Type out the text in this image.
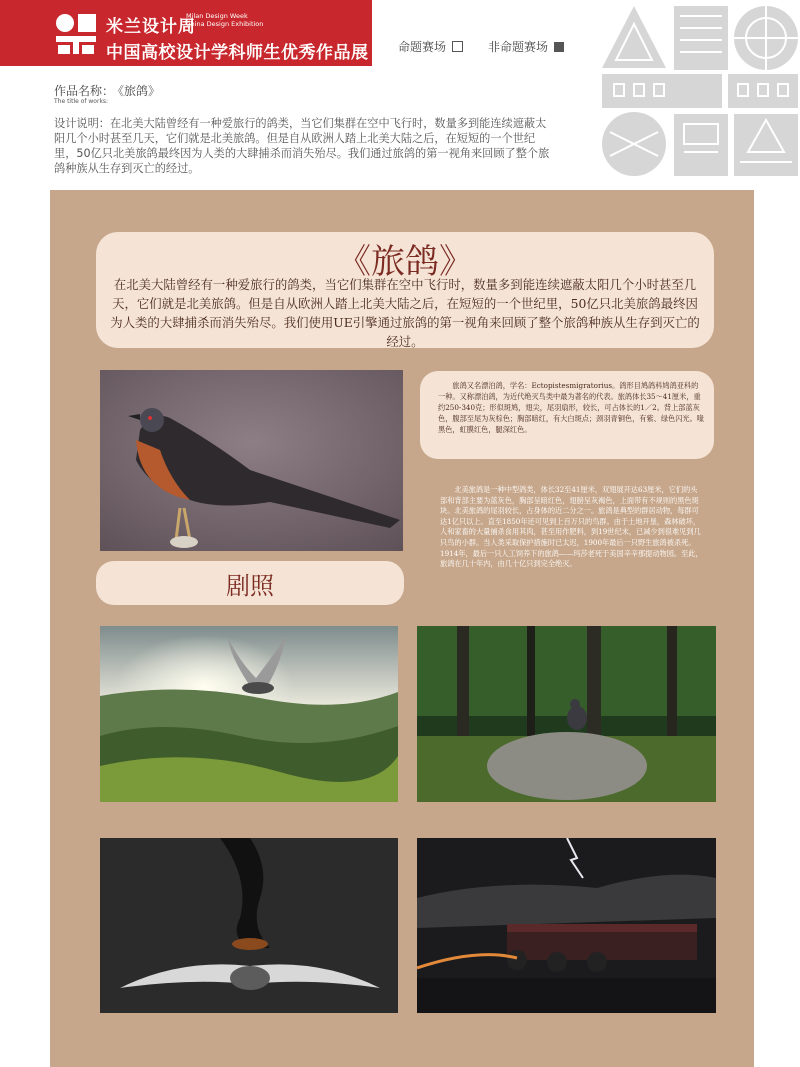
米兰设计周
Milan Design Week
China Design Exhibition
中国高校设计学科师生优秀作品展 命题赛场	非命题赛场
作品名称： 《旅鸽》
The title of works:
设计说明：在北美大陆曾经有一种爱旅行的鸽类，当它们集群在空中飞行时，数量多到能连续遮蔽太阳几个小时甚至几天，它们就是北美旅鸽。但是自从欧洲人踏上北美大陆之后，在短短的一个世纪里，50亿只北美旅鸽最终因为人类的大肆捕杀而消失殆尽。我们通过旅鸽的第一视角来回顾了整个旅鸽种族从生存到灭亡的经过。
《旅鸽》
在北美大陆曾经有一种爱旅行的鸽类，当它们集群在空中飞行时，数量多到能连续遮蔽太阳几个小时甚至几天，它们就是北美旅鸽。但是自从欧洲人踏上北美大陆之后，在短短的一个世纪里，50亿只北美旅鸽最终因为人类的大肆捕杀而消失殆尽。我们使用UE引擎通过旅鸽的第一视角来回顾了整个旅鸽种族从生存到灭亡的经过。
旅鸽又名漂泊鸽，学名：Ectopistesmigratorius。鸽形目鸠鸽科鸠鸽亚科的一种。又称漂泊鸽，为近代绝灭鸟类中最为著名的代表。旅鸽体长35～41厘米，重约250-340克；形似斑鸠，翅尖，尾羽扇形，较长，可占体长的1／2。背上部蓝灰色，腹部至尾为灰棕色；胸部暗红，有大白斑点；颈羽青铜色，有紫、绿色闪光。喙黑色，虹膜红色，腿深红色。
北美旅鸽是一种中型鸽类，体长32至41厘米，双翅展开达63厘米，它们的头部和背部主要为蓝灰色，胸部呈暗红色，翅膀呈灰褐色，上面带有不规则的黑色斑块。北美旅鸽的尾羽较长，占身体的近二分之一。旅鸽是典型的群居动物，每群可达1亿只以上。直至1850年还可见到上百万只的鸟群。由于土地开垦，森林破坏，人和家畜的大量捕杀食用其肉，甚至用作肥料，到19世纪末，已减少到很难见到几只鸟的小群。当人类采取保护措施时已太迟，1900年最后一只野生旅鸽被杀死。1914年，最后一只人工饲养下的旅鸽——玛莎老死于美国辛辛那提动物园。至此，旅鸽在几十年内，由几十亿只到完全绝灭。
剧照
